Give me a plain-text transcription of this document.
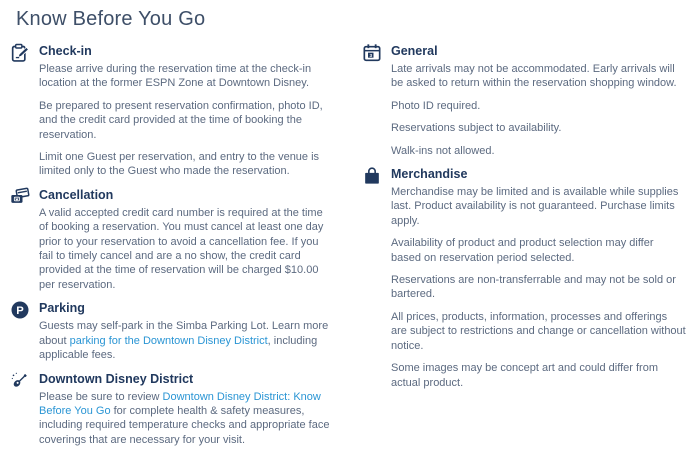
Know Before You Go
Check-in

Please arrive during the reservation time at the check-in location at the former ESPN Zone at Downtown Disney.

Be prepared to present reservation confirmation, photo ID, and the credit card provided at the time of booking the reservation.

Limit one Guest per reservation, and entry to the venue is limited only to the Guest who made the reservation.

Cancellation

A valid accepted credit card number is required at the time of booking a reservation. You must cancel at least one day prior to your reservation to avoid a cancellation fee. If you fail to timely cancel and are a no show, the credit card provided at the time of reservation will be charged $10.00 per reservation.

P Parking

Guests may self-park in the Simba Parking Lot. Learn more about parking for the Downtown Disney District, including applicable fees.

Downtown Disney District

Please be sure to review Downtown Disney District: Know Before You Go for complete health & safety measures, including required temperature checks and appropriate face coverings that are necessary for your visit.

3 General

Late arrivals may not be accommodated. Early arrivals will be asked to return within the reservation shopping window.

Photo ID required.

Reservations subject to availability.

Walk-ins not allowed.

Merchandise

Merchandise may be limited and is available while supplies last. Product availability is not guaranteed. Purchase limits apply.

Availability of product and product selection may differ based on reservation period selected.

Reservations are non-transferrable and may not be sold or bartered.

All prices, products, information, processes and offerings are subject to restrictions and change or cancellation without notice.

Some images may be concept art and could differ from actual product.
